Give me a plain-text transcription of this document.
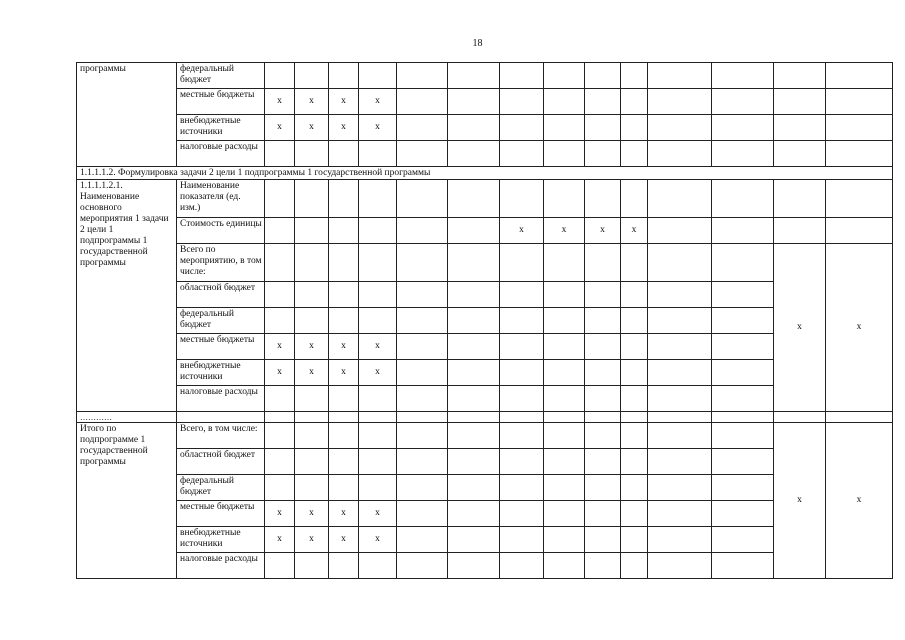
18
программы	федеральный бюджет														
	местные бюджеты	x	x	x	x										
	внебюджетные источники	x	x	x	x										
	налоговые расходы														
1.1.1.1.2. Формулировка задачи 2 цели 1 подпрограммы 1 государственной программы															
1.1.1.1.2.1. Наименование основного мероприятия 1 задачи 2 цели 1 подпрограммы 1 государственной программы	Наименование показателя (ед. изм.)														
	Стоимость единицы							x	x	x	x				
	Всего по мероприятию, в том числе:													x	x
	областной бюджет														
	федеральный бюджет														
	местные бюджеты	x	x	x	x										
	внебюджетные источники	x	x	x	x										
	налоговые расходы														
…………															
Итого по подпрограмме 1 государственной программы	Всего, в том числе:													x	x
	областной бюджет														
	федеральный бюджет														
	местные бюджеты	x	x	x	x										
	внебюджетные источники	x	x	x	x										
	налоговые расходы														
